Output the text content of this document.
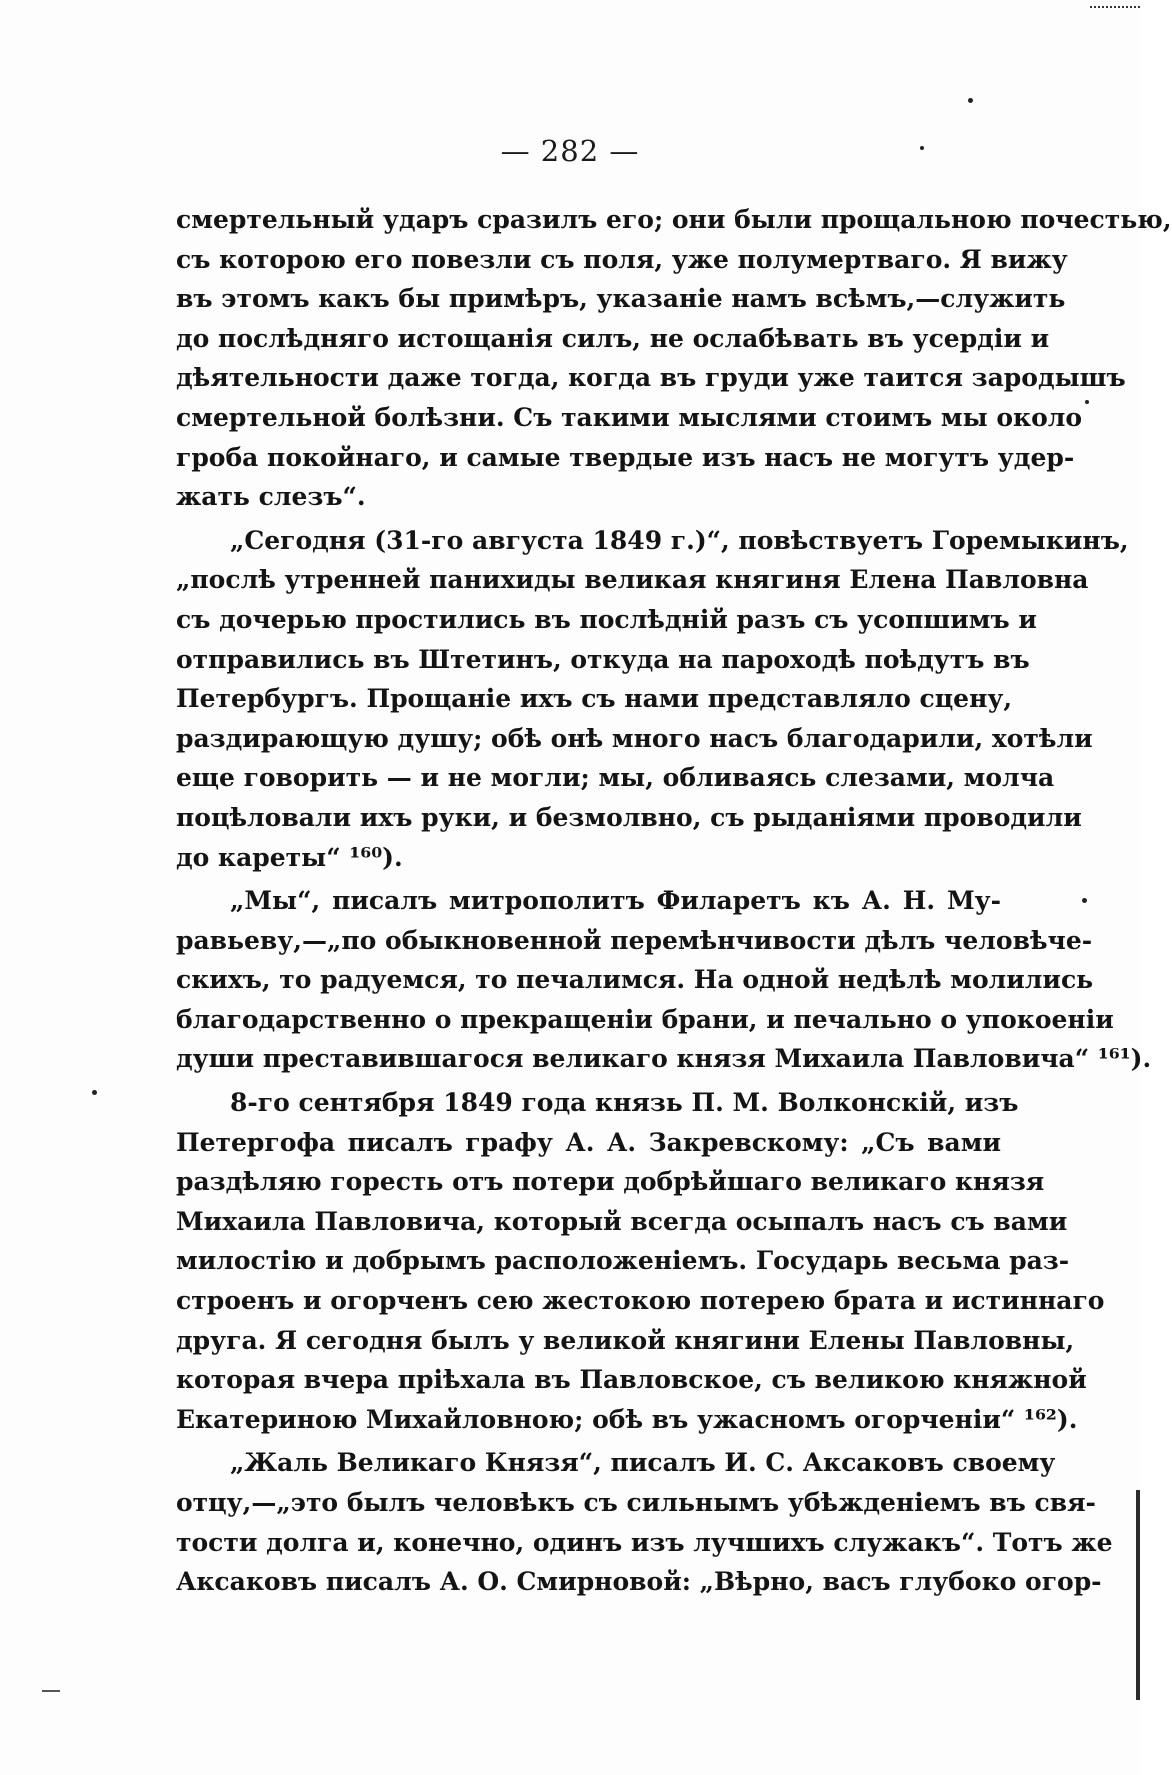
— 282 —
смертельный ударъ сразилъ его; они были прощальною почестью,
съ которою его повезли съ поля, уже полумертваго. Я вижу
въ этомъ какъ бы примѣръ, указаніе намъ всѣмъ,—служить
до послѣдняго истощанія силъ, не ослабѣвать въ усердіи и
дѣятельности даже тогда, когда въ груди уже таится зародышъ
смертельной болѣзни. Съ такими мыслями стоимъ мы около
гроба покойнаго, и самые твердые изъ насъ не могутъ удер-
жать слезъ“.
„Сегодня (31-го августа 1849 г.)“, повѣствуетъ Горемыкинъ,
„послѣ утренней панихиды великая княгиня Елена Павловна
съ дочерью простились въ послѣдній разъ съ усопшимъ и
отправились въ Штетинъ, откуда на пароходѣ поѣдутъ въ
Петербургъ. Прощаніе ихъ съ нами представляло сцену,
раздирающую душу; обѣ онѣ много насъ благодарили, хотѣли
еще говорить — и не могли; мы, обливаясь слезами, молча
поцѣловали ихъ руки, и безмолвно, съ рыданіями проводили
до кареты“ ¹⁶⁰).
„Мы“, писалъ митрополитъ Филаретъ къ А. Н. Му-
равьеву,—„по обыкновенной перемѣнчивости дѣлъ человѣче-
скихъ, то радуемся, то печалимся. На одной недѣлѣ молились
благодарственно о прекращеніи брани, и печально о упокоеніи
души преставившагося великаго князя Михаила Павловича“ ¹⁶¹).
8-го сентября 1849 года князь П. М. Волконскій, изъ
Петергофа писалъ графу А. А. Закревскому: „Съ вами
раздѣляю горесть отъ потери добрѣйшаго великаго князя
Михаила Павловича, который всегда осыпалъ насъ съ вами
милостію и добрымъ расположеніемъ. Государь весьма раз-
строенъ и огорченъ сею жестокою потерею брата и истиннаго
друга. Я сегодня былъ у великой княгини Елены Павловны,
которая вчера пріѣхала въ Павловское, съ великою княжной
Екатериною Михайловною; обѣ въ ужасномъ огорченіи“ ¹⁶²).
„Жаль Великаго Князя“, писалъ И. С. Аксаковъ своему
отцу,—„это былъ человѣкъ съ сильнымъ убѣжденіемъ въ свя-
тости долга и, конечно, одинъ изъ лучшихъ служакъ“. Тотъ же
Аксаковъ писалъ А. О. Смирновой: „Вѣрно, васъ глубоко огор-
